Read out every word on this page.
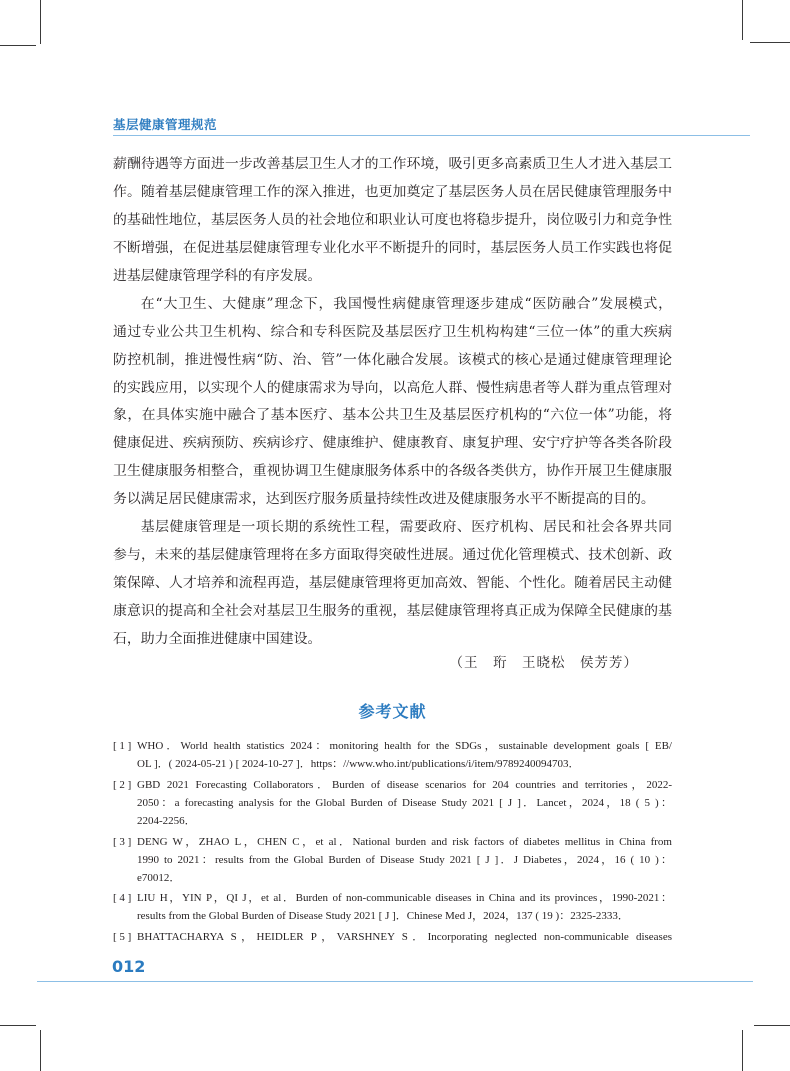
基层健康管理规范
薪酬待遇等方面进一步改善基层卫生人才的工作环境，吸引更多高素质卫生人才进入基层工
作。随着基层健康管理工作的深入推进，也更加奠定了基层医务人员在居民健康管理服务中
的基础性地位，基层医务人员的社会地位和职业认可度也将稳步提升，岗位吸引力和竞争性
不断增强，在促进基层健康管理专业化水平不断提升的同时，基层医务人员工作实践也将促
进基层健康管理学科的有序发展。
在“大卫生、大健康”理念下，我国慢性病健康管理逐步建成“医防融合”发展模式，
通过专业公共卫生机构、综合和专科医院及基层医疗卫生机构构建“三位一体”的重大疾病
防控机制，推进慢性病“防、治、管”一体化融合发展。该模式的核心是通过健康管理理论
的实践应用，以实现个人的健康需求为导向，以高危人群、慢性病患者等人群为重点管理对
象，在具体实施中融合了基本医疗、基本公共卫生及基层医疗机构的“六位一体”功能，将
健康促进、疾病预防、疾病诊疗、健康维护、健康教育、康复护理、安宁疗护等各类各阶段
卫生健康服务相整合，重视协调卫生健康服务体系中的各级各类供方，协作开展卫生健康服
务以满足居民健康需求，达到医疗服务质量持续性改进及健康服务水平不断提高的目的。
基层健康管理是一项长期的系统性工程，需要政府、医疗机构、居民和社会各界共同
参与，未来的基层健康管理将在多方面取得突破性进展。通过优化管理模式、技术创新、政
策保障、人才培养和流程再造，基层健康管理将更加高效、智能、个性化。随着居民主动健
康意识的提高和全社会对基层卫生服务的重视，基层健康管理将真正成为保障全民健康的基
石，助力全面推进健康中国建设。
（王　珩　王晓松　侯芳芳）
参考文献
[ 1 ] WHO．World health statistics 2024：monitoring health for the SDGs，sustainable development goals [ EB/
OL ]．( 2024-05-21 ) [ 2024-10-27 ]．https：//www.who.int/publications/i/item/9789240094703．
[ 2 ] GBD 2021 Forecasting Collaborators．Burden of disease scenarios for 204 countries and territories，2022-
2050：a forecasting analysis for the Global Burden of Disease Study 2021 [ J ]．Lancet，2024，18 ( 5 )：
2204-2256．
[ 3 ] DENG W，ZHAO L，CHEN C，et al．National burden and risk factors of diabetes mellitus in China from
1990 to 2021：results from the Global Burden of Disease Study 2021 [ J ]．J Diabetes，2024，16 ( 10 )：
e70012．
[ 4 ] LIU H，YIN P，QI J，et al．Burden of non-communicable diseases in China and its provinces，1990-2021：
results from the Global Burden of Disease Study 2021 [ J ]．Chinese Med J，2024，137 ( 19 )：2325-2333．
[ 5 ] BHATTACHARYA S，HEIDLER P，VARSHNEY S．Incorporating neglected non-communicable diseases
012
